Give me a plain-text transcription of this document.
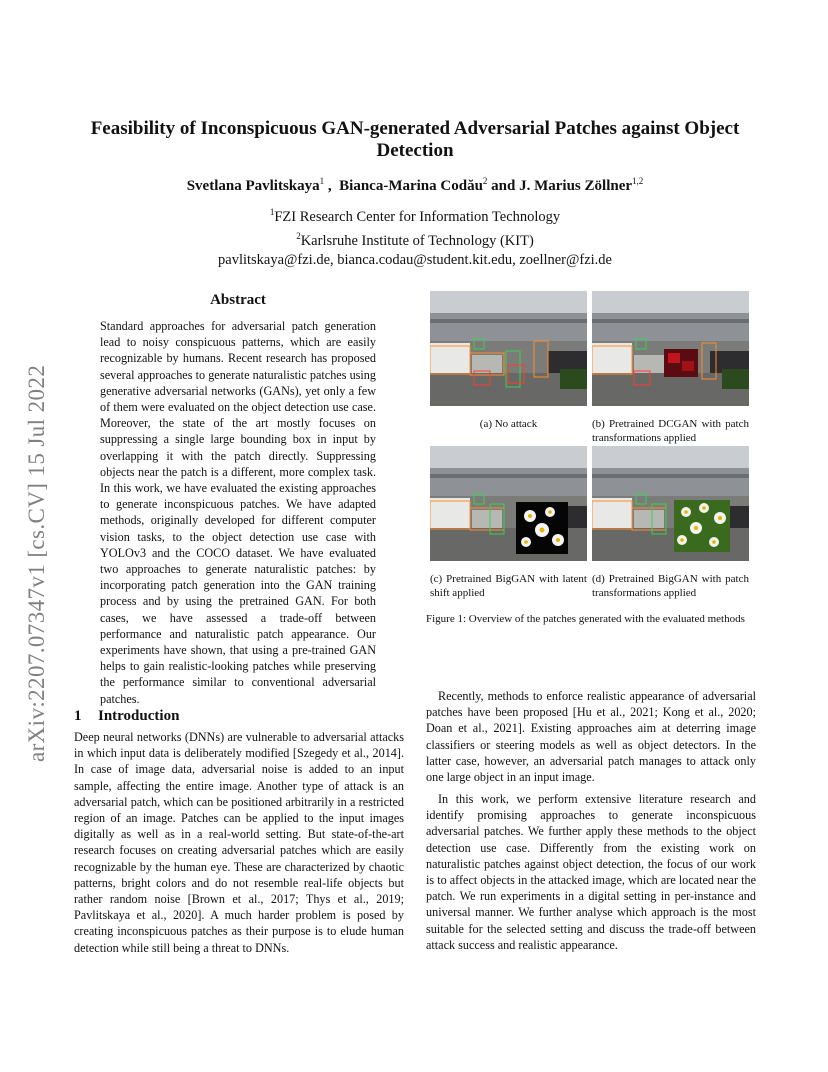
arXiv:2207.07347v1 [cs.CV] 15 Jul 2022
Feasibility of Inconspicuous GAN-generated Adversarial Patches against Object
Detection
Svetlana Pavlitskaya$^1$ ,  Bianca-Marina Codău$^2$ and J. Marius Zöllner$^{1,2}$
$^1$FZI Research Center for Information Technology
$^2$Karlsruhe Institute of Technology (KIT)
pavlitskaya@fzi.de, bianca.codau@student.kit.edu, zoellner@fzi.de
Abstract
Standard approaches for adversarial patch generation lead to noisy conspicuous patterns, which are easily recognizable by humans. Recent research has proposed several approaches to generate naturalistic patches using generative adversarial networks (GANs), yet only a few of them were evaluated on the object detection use case. Moreover, the state of the art mostly focuses on suppressing a single large bounding box in input by overlapping it with the patch directly. Suppressing objects near the patch is a different, more complex task. In this work, we have evaluated the existing approaches to generate inconspicuous patches. We have adapted methods, originally developed for different computer vision tasks, to the object detection use case with YOLOv3 and the COCO dataset. We have evaluated two approaches to generate naturalistic patches: by incorporating patch generation into the GAN training process and by using the pretrained GAN. For both cases, we have assessed a trade-off between performance and naturalistic patch appearance. Our experiments have shown, that using a pre-trained GAN helps to gain realistic-looking patches while preserving the performance similar to conventional adversarial patches.
1 Introduction
Deep neural networks (DNNs) are vulnerable to adversarial attacks in which input data is deliberately modified [Szegedy et al., 2014]. In case of image data, adversarial noise is added to an input sample, affecting the entire image. Another type of attack is an adversarial patch, which can be positioned arbitrarily in a restricted region of an image. Patches can be applied to the input images digitally as well as in a real-world setting. But state-of-the-art research focuses on creating adversarial patches which are easily recognizable by the human eye. These are characterized by chaotic patterns, bright colors and do not resemble real-life objects but rather random noise [Brown et al., 2017; Thys et al., 2019; Pavlitskaya et al., 2020]. A much harder problem is posed by creating inconspicuous patches as their purpose is to elude human detection while still being a threat to DNNs.
(a) No attack	(b) Pretrained DCGAN with patch transformations applied
(c) Pretrained BigGAN with latent shift applied
(d) Pretrained BigGAN with patch transformations applied
Figure 1: Overview of the patches generated with the evaluated methods
Recently, methods to enforce realistic appearance of adversarial patches have been proposed [Hu et al., 2021; Kong et al., 2020; Doan et al., 2021]. Existing approaches aim at deterring image classifiers or steering models as well as object detectors. In the latter case, however, an adversarial patch manages to attack only one large object in an input image.
In this work, we perform extensive literature research and identify promising approaches to generate inconspicuous adversarial patches. We further apply these methods to the object detection use case. Differently from the existing work on naturalistic patches against object detection, the focus of our work is to affect objects in the attacked image, which are located near the patch. We run experiments in a digital setting in per-instance and universal manner. We further analyse which approach is the most suitable for the selected setting and discuss the trade-off between attack success and realistic appearance.
